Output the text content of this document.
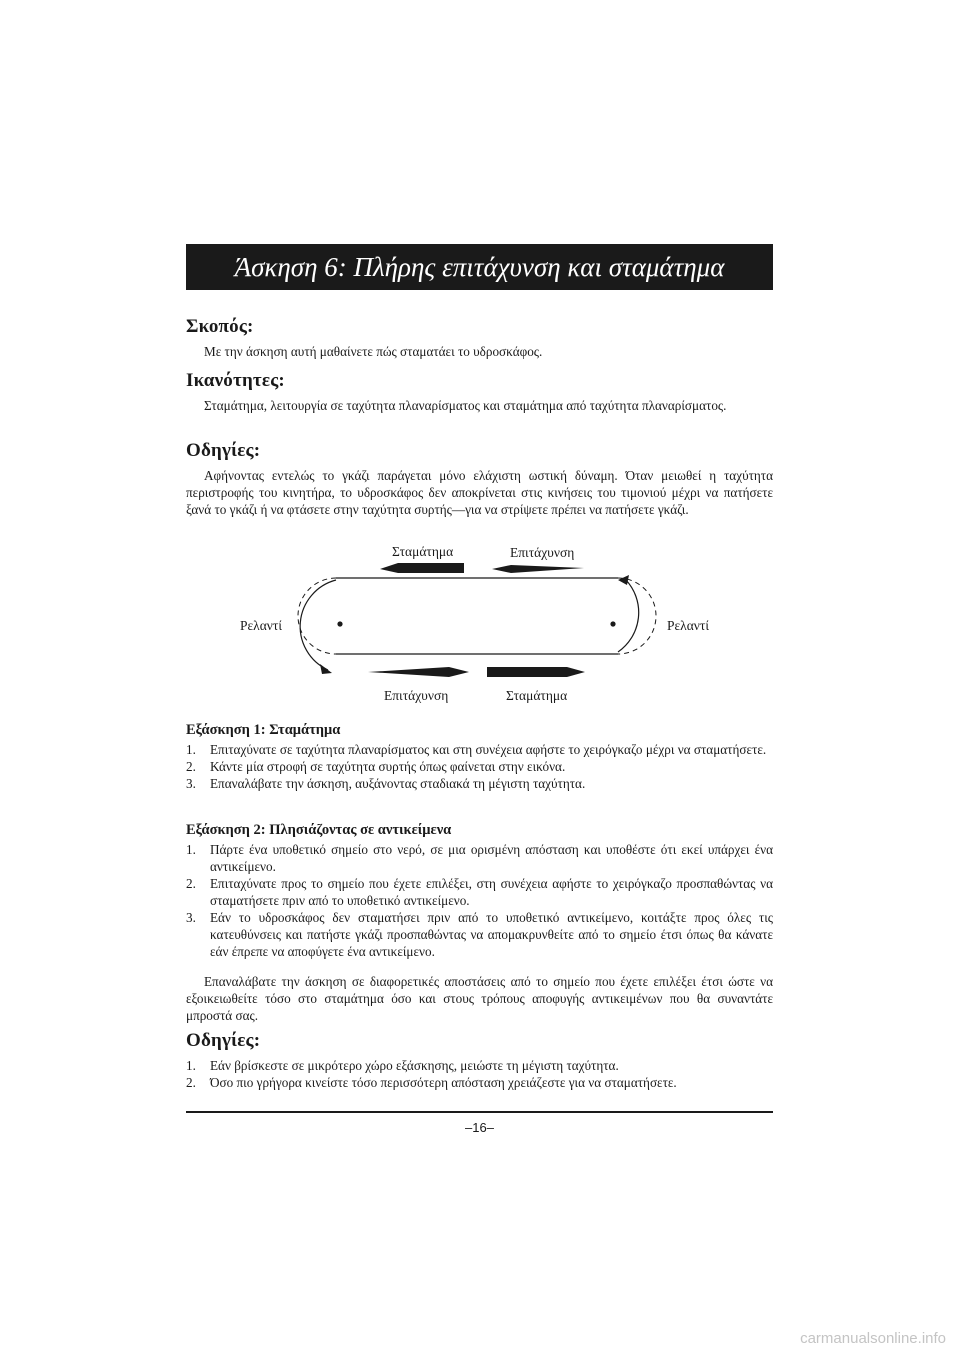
Άσκηση 6: Πλήρης επιτάχυνση και σταμάτημα
Σκοπός:

Με την άσκηση αυτή μαθαίνετε πώς σταματάει το υδροσκάφος.

Ικανότητες:

Σταμάτημα, λειτουργία σε ταχύτητα πλαναρίσματος και σταμάτημα από ταχύτητα πλαναρίσματος.

Οδηγίες:

Αφήνοντας εντελώς το γκάζι παράγεται μόνο ελάχιστη ωστική δύναμη. Όταν μειωθεί η ταχύτητα περιστροφής του κινητήρα, το υδροσκάφος δεν αποκρίνεται στις κινήσεις του τιμονιού μέχρι να πατήσετε ξανά το γκάζι ή να φτάσετε στην ταχύτητα συρτής—για να στρίψετε πρέπει να πατήσετε γκάζι.

Σταμάτημα	Επιτάχυνση
Επιτάχυνση	Σταμάτημα
Ρελαντί	Ρελαντί
Εξάσκηση 1: Σταμάτημα
1. Επιταχύνατε σε ταχύτητα πλαναρίσματος και στη συνέχεια αφήστε το χειρόγκαζο μέχρι να σταματήσετε.
2. Κάντε μία στροφή σε ταχύτητα συρτής όπως φαίνεται στην εικόνα.
3. Επαναλάβατε την άσκηση, αυξάνοντας σταδιακά τη μέγιστη ταχύτητα.
Εξάσκηση 2: Πλησιάζοντας σε αντικείμενα
1. Πάρτε ένα υποθετικό σημείο στο νερό, σε μια ορισμένη απόσταση και υποθέστε ότι εκεί υπάρχει ένα αντικείμενο.
2. Επιταχύνατε προς το σημείο που έχετε επιλέξει, στη συνέχεια αφήστε το χειρόγκαζο προσπαθώντας να σταματήσετε πριν από το υποθετικό αντικείμενο.
3. Εάν το υδροσκάφος δεν σταματήσει πριν από το υποθετικό αντικείμενο, κοιτάξτε προς όλες τις κατευθύνσεις και πατήστε γκάζι προσπαθώντας να απομακρυνθείτε από το σημείο έτσι όπως θα κάνατε εάν έπρεπε να αποφύγετε ένα αντικείμενο.

Επαναλάβατε την άσκηση σε διαφορετικές αποστάσεις από το σημείο που έχετε επιλέξει έτσι ώστε να εξοικειωθείτε τόσο στο σταμάτημα όσο και στους τρόπους αποφυγής αντικειμένων που θα συναντάτε μπροστά σας.

Οδηγίες:
1. Εάν βρίσκεστε σε μικρότερο χώρο εξάσκησης, μειώστε τη μέγιστη ταχύτητα.
2. Όσο πιο γρήγορα κινείστε τόσο περισσότερη απόσταση χρειάζεστε για να σταματήσετε.
–16–
carmanualsonline.info
